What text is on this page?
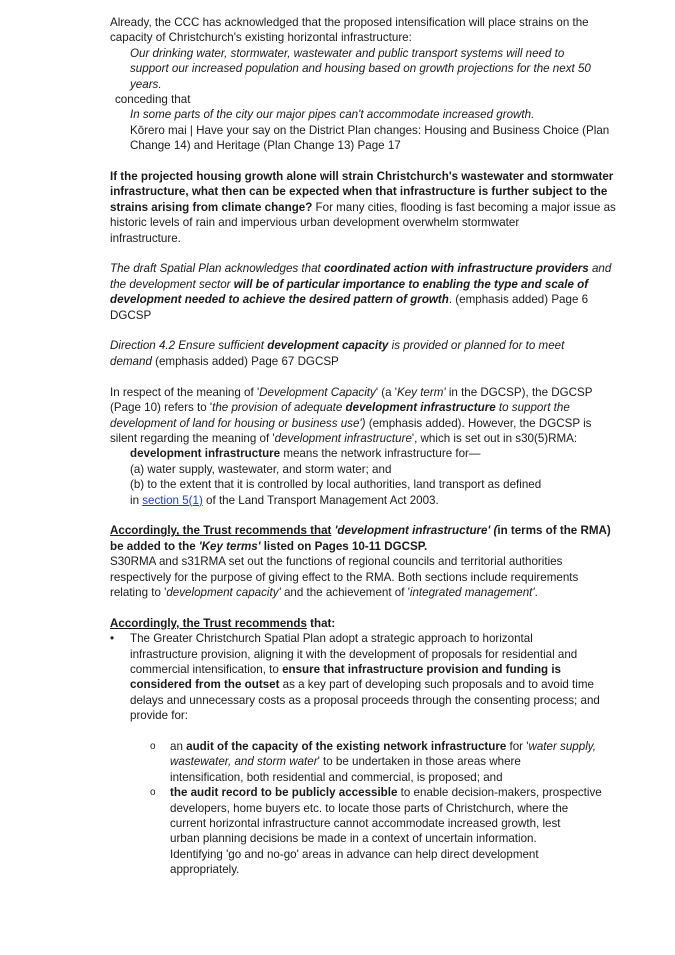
Already, the CCC has acknowledged that the proposed intensification will place strains on the
capacity of Christchurch's existing horizontal infrastructure:
Our drinking water, stormwater, wastewater and public transport systems will need to
support our increased population and housing based on growth projections for the next 50
years.
conceding that
In some parts of the city our major pipes can't accommodate increased growth.
Kōrero mai | Have your say on the District Plan changes: Housing and Business Choice (Plan
Change 14) and Heritage (Plan Change 13) Page 17
If the projected housing growth alone will strain Christchurch's wastewater and stormwater
infrastructure, what then can be expected when that infrastructure is further subject to the
strains arising from climate change? For many cities, flooding is fast becoming a major issue as
historic levels of rain and impervious urban development overwhelm stormwater
infrastructure.
The draft Spatial Plan acknowledges that coordinated action with infrastructure providers and
the development sector will be of particular importance to enabling the type and scale of
development needed to achieve the desired pattern of growth. (emphasis added) Page 6
DGCSP
Direction 4.2 Ensure sufficient development capacity is provided or planned for to meet
demand (emphasis added) Page 67 DGCSP
In respect of the meaning of 'Development Capacity' (a 'Key term' in the DGCSP), the DGCSP
(Page 10) refers to 'the provision of adequate development infrastructure to support the
development of land for housing or business use') (emphasis added). However, the DGCSP is
silent regarding the meaning of 'development infrastructure', which is set out in s30(5)RMA:
development infrastructure means the network infrastructure for—
(a) water supply, wastewater, and storm water; and
(b) to the extent that it is controlled by local authorities, land transport as defined
in section 5(1) of the Land Transport Management Act 2003.
Accordingly, the Trust recommends that 'development infrastructure' (in terms of the RMA)
be added to the 'Key terms' listed on Pages 10-11 DGCSP.
S30RMA and s31RMA set out the functions of regional councils and territorial authorities
respectively for the purpose of giving effect to the RMA. Both sections include requirements
relating to 'development capacity' and the achievement of 'integrated management'.
Accordingly, the Trust recommends that:
•	The Greater Christchurch Spatial Plan adopt a strategic approach to horizontal
infrastructure provision, aligning it with the development of proposals for residential and
commercial intensification, to ensure that infrastructure provision and funding is
considered from the outset as a key part of developing such proposals and to avoid time
delays and unnecessary costs as a proposal proceeds through the consenting process; and
provide for:
o an audit of the capacity of the existing network infrastructure for 'water supply,
wastewater, and storm water' to be undertaken in those areas where
intensification, both residential and commercial, is proposed; and
o the audit record to be publicly accessible to enable decision-makers, prospective
developers, home buyers etc. to locate those parts of Christchurch, where the
current horizontal infrastructure cannot accommodate increased growth, lest
urban planning decisions be made in a context of uncertain information.
Identifying 'go and no-go' areas in advance can help direct development
appropriately.
